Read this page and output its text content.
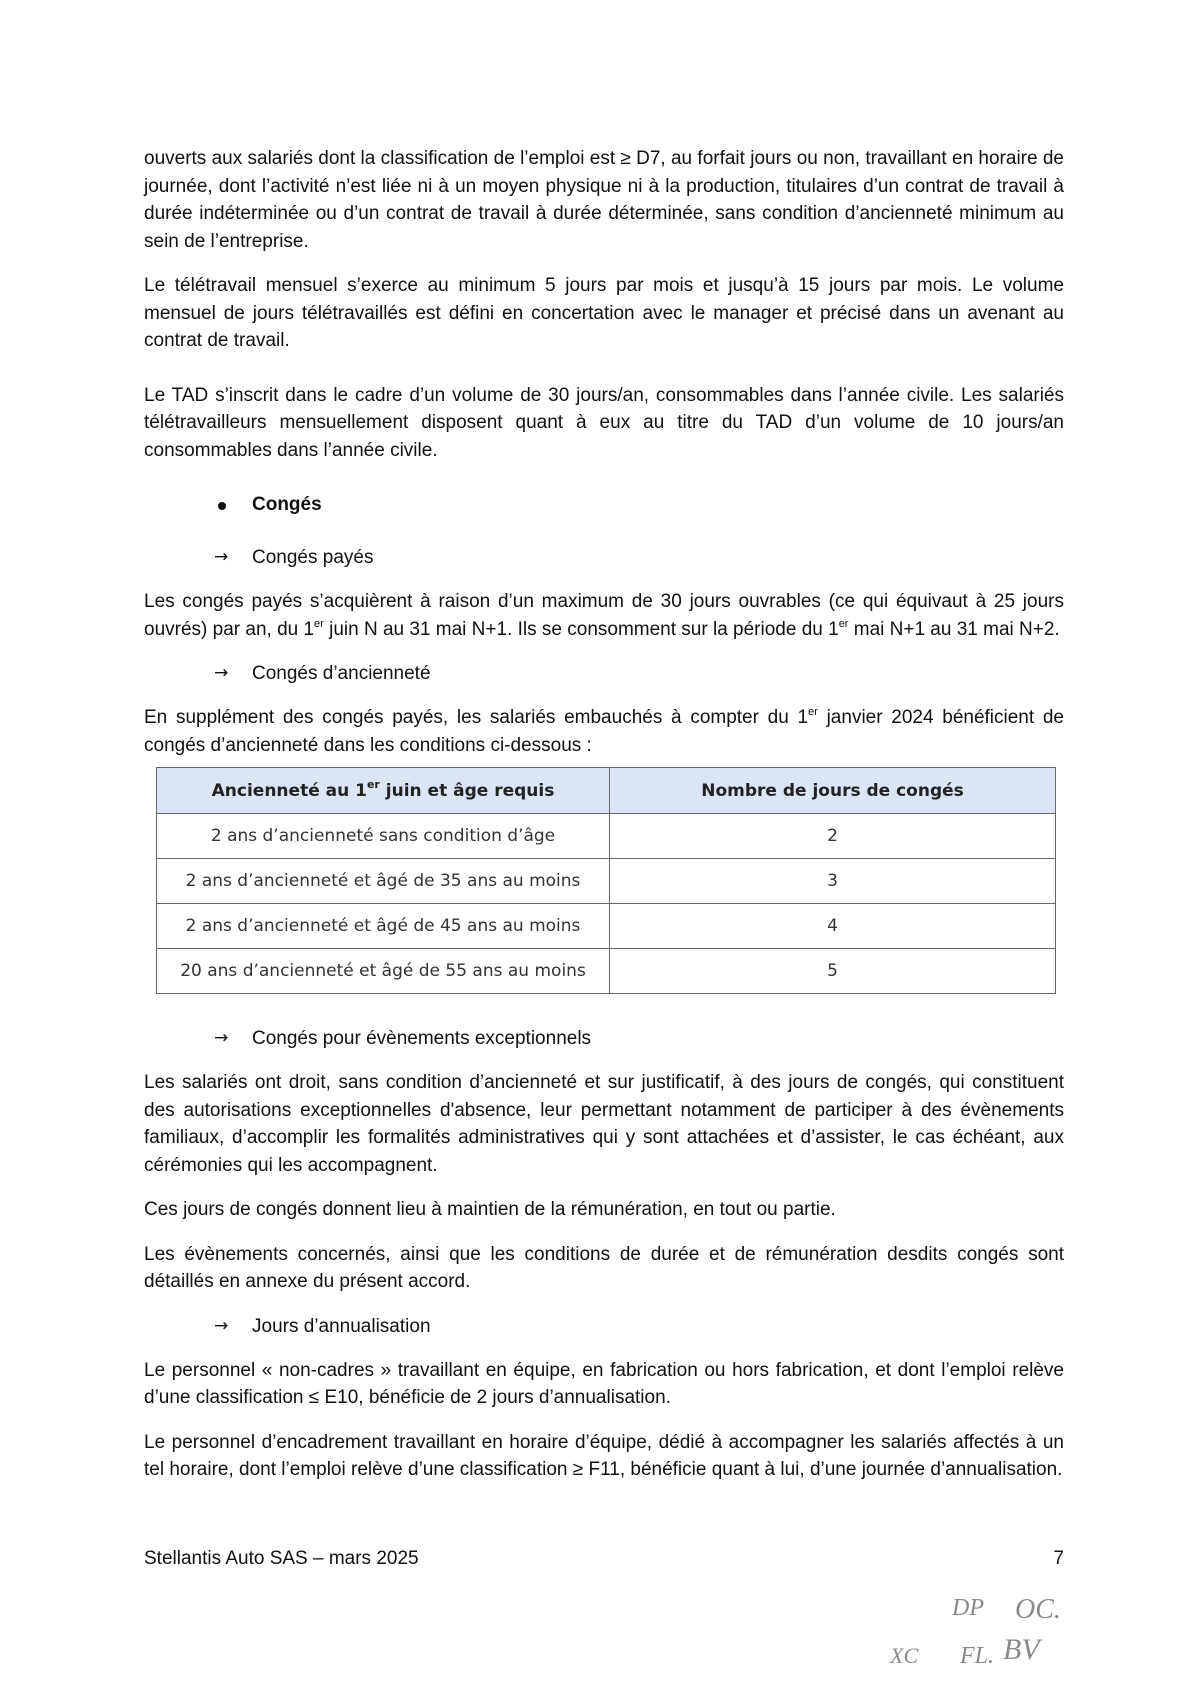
ouverts aux salariés dont la classification de l’emploi est ≥ D7, au forfait jours ou non, travaillant en horaire de journée, dont l’activité n’est liée ni à un moyen physique ni à la production, titulaires d’un contrat de travail à durée indéterminée ou d’un contrat de travail à durée déterminée, sans condition d’ancienneté minimum au sein de l’entreprise.

Le télétravail mensuel s’exerce au minimum 5 jours par mois et jusqu’à 15 jours par mois. Le volume mensuel de jours télétravaillés est défini en concertation avec le manager et précisé dans un avenant au contrat de travail.

Le TAD s’inscrit dans le cadre d’un volume de 30 jours/an, consommables dans l’année civile. Les salariés télétravailleurs mensuellement disposent quant à eux au titre du TAD d’un volume de 10 jours/an consommables dans l’année civile.

Congés
→ Congés payés

Les congés payés s’acquièrent à raison d’un maximum de 30 jours ouvrables (ce qui équivaut à 25 jours ouvrés) par an, du 1er juin N au 31 mai N+1. Ils se consomment sur la période du 1er mai N+1 au 31 mai N+2.

→ Congés d’ancienneté

En supplément des congés payés, les salariés embauchés à compter du 1er janvier 2024 bénéficient de congés d’ancienneté dans les conditions ci-dessous :

Ancienneté au 1er juin et âge requis	Nombre de jours de congés
2 ans d’ancienneté sans condition d’âge	2
2 ans d’ancienneté et âgé de 35 ans au moins	3
2 ans d’ancienneté et âgé de 45 ans au moins	4
20 ans d’ancienneté et âgé de 55 ans au moins	5
→ Congés pour évènements exceptionnels

Les salariés ont droit, sans condition d’ancienneté et sur justificatif, à des jours de congés, qui constituent des autorisations exceptionnelles d'absence, leur permettant notamment de participer à des évènements familiaux, d’accomplir les formalités administratives qui y sont attachées et d’assister, le cas échéant, aux cérémonies qui les accompagnent.

Ces jours de congés donnent lieu à maintien de la rémunération, en tout ou partie.

Les évènements concernés, ainsi que les conditions de durée et de rémunération desdits congés sont détaillés en annexe du présent accord.

→ Jours d’annualisation

Le personnel « non-cadres » travaillant en équipe, en fabrication ou hors fabrication, et dont l’emploi relève d’une classification ≤ E10, bénéficie de 2 jours d’annualisation.

Le personnel d’encadrement travaillant en horaire d’équipe, dédié à accompagner les salariés affectés à un tel horaire, dont l’emploi relève d’une classification ≥ F11, bénéficie quant à lui, d’une journée d’annualisation.

Stellantis Auto SAS – mars 2025	7
DP OC.
XC FL. BV
